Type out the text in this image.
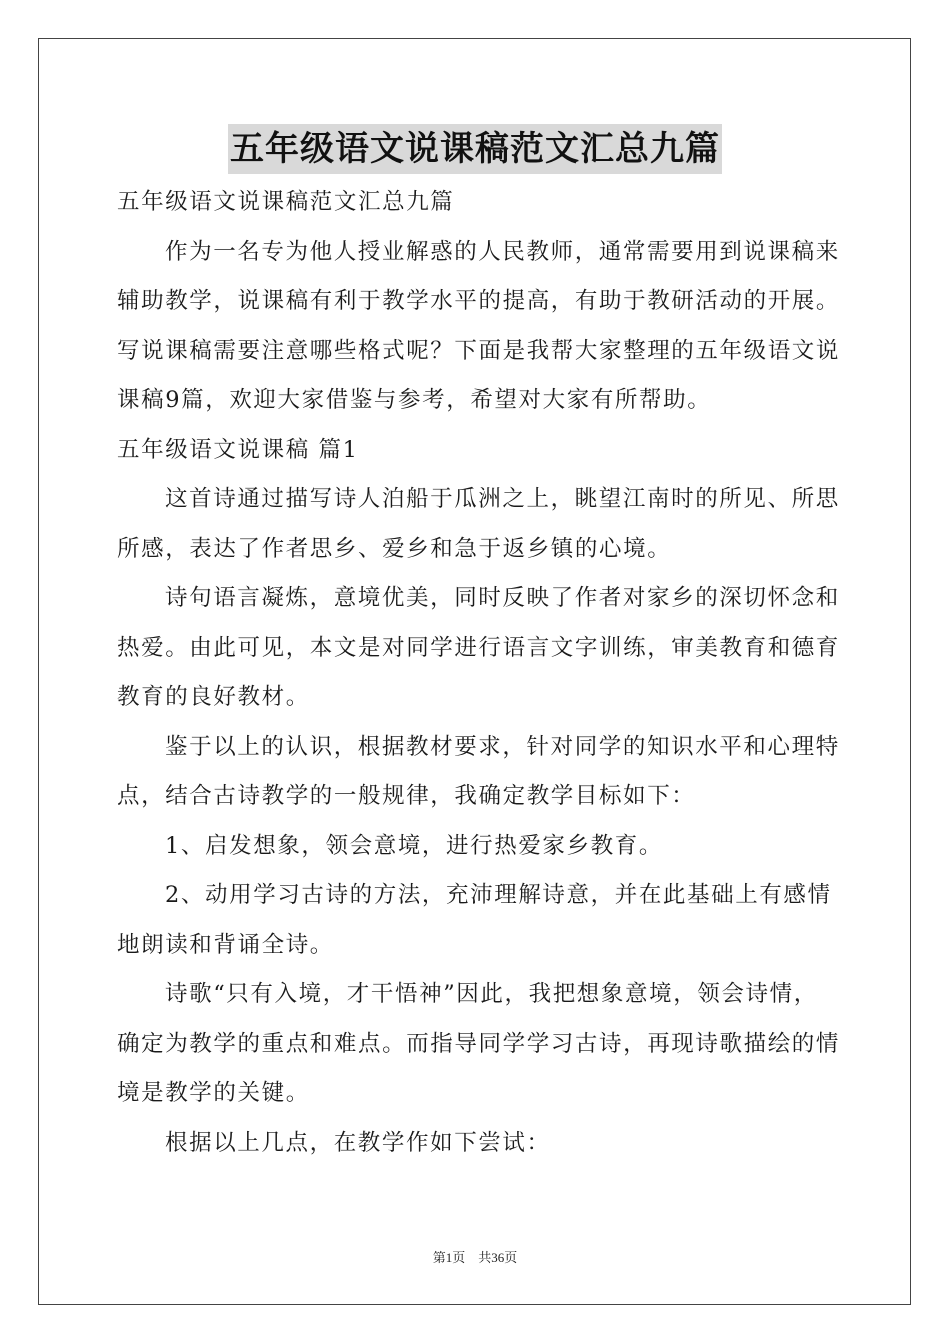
五年级语文说课稿范文汇总九篇
五年级语文说课稿范文汇总九篇
作为一名专为他人授业解惑的人民教师，通常需要用到说课稿来
辅助教学，说课稿有利于教学水平的提高，有助于教研活动的开展。
写说课稿需要注意哪些格式呢？下面是我帮大家整理的五年级语文说
课稿9篇，欢迎大家借鉴与参考，希望对大家有所帮助。
五年级语文说课稿 篇1
这首诗通过描写诗人泊船于瓜洲之上，眺望江南时的所见、所思
所感，表达了作者思乡、爱乡和急于返乡镇的心境。
诗句语言凝炼，意境优美，同时反映了作者对家乡的深切怀念和
热爱。由此可见，本文是对同学进行语言文字训练，审美教育和德育
教育的良好教材。
鉴于以上的认识，根据教材要求，针对同学的知识水平和心理特
点，结合古诗教学的一般规律，我确定教学目标如下：
1、启发想象，领会意境，进行热爱家乡教育。
2、动用学习古诗的方法，充沛理解诗意，并在此基础上有感情
地朗读和背诵全诗。
诗歌“只有入境，才干悟神”因此，我把想象意境，领会诗情，
确定为教学的重点和难点。而指导同学学习古诗，再现诗歌描绘的情
境是教学的关键。
根据以上几点，在教学作如下尝试：
第1页　共36页
